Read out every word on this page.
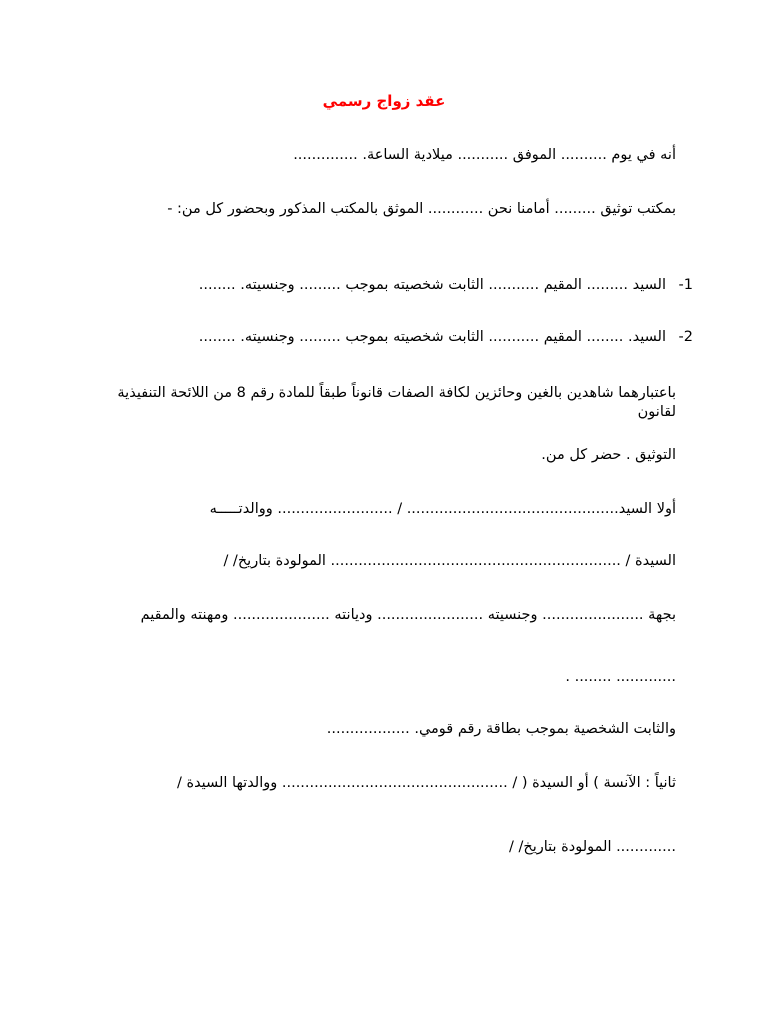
عقد زواج رسمي

أنه في يوم .......... الموفق ........... ميلادية الساعة. ..............

بمكتب توثيق ......... أمامنا نحن ............ الموثق بالمكتب المذكور وبحضور كل من: -

-1
السيد ......... المقيم ........... الثابت شخصيته بموجب ......... وجنسيته. ........
-2
السيد. ........ المقيم ........... الثابت شخصيته بموجب ......... وجنسيته. ........

باعتبارهما شاهدين بالغين وحائزين لكافة الصفات قانوناً طبقاً للمادة رقم 8 من اللائحة التنفيذية لقانون

التوثيق . حضر كل من.

أولا السيد.............................................. / ......................... ووالدتـــــه

السيدة / ............................................................... المولودة بتاريخ/ /

بجهة ...................... وجنسيته ....................... وديانته ..................... ومهنته والمقيم

............. ........ .

والثابت الشخصية بموجب بطاقة رقم قومي. ..................

ثانياً : الآنسة ) أو السيدة ( / ................................................. ووالدتها السيدة /

............. المولودة بتاريخ/ /
